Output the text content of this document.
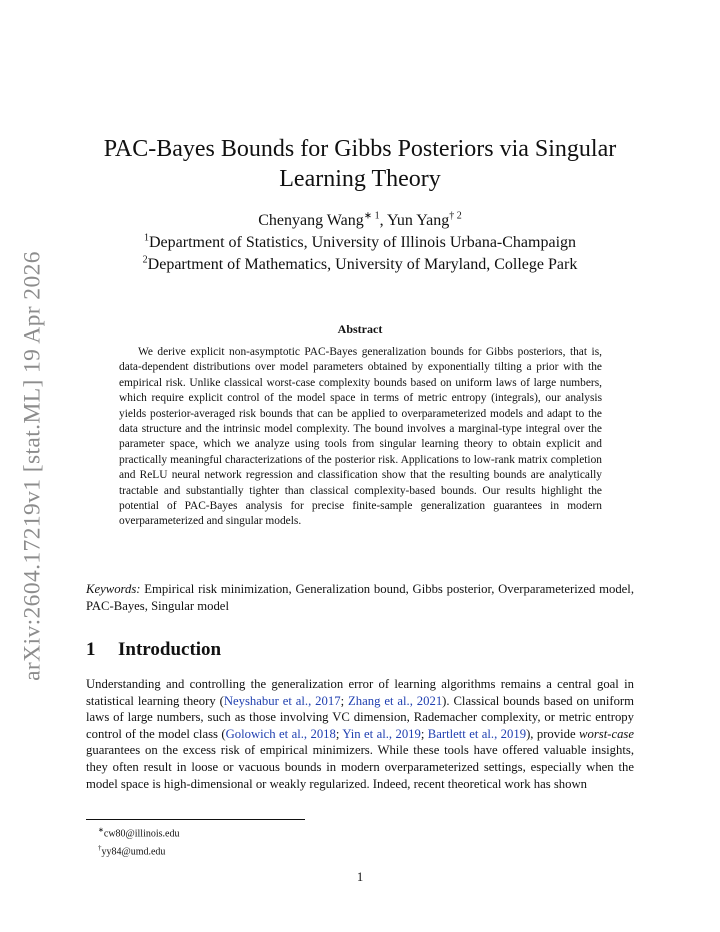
arXiv:2604.17219v1 [stat.ML] 19 Apr 2026
PAC-Bayes Bounds for Gibbs Posteriors via Singular
Learning Theory
Chenyang Wang$^{∗ 1}$, Yun Yang$^{\dagger 2}$
$^1$Department of Statistics, University of Illinois Urbana-Champaign
$^2$Department of Mathematics, University of Maryland, College Park
Abstract

We derive explicit non-asymptotic PAC-Bayes generalization bounds for Gibbs posteriors, that is, data-dependent distributions over model parameters obtained by exponentially tilting a prior with the empirical risk. Unlike classical worst-case complexity bounds based on uniform laws of large numbers, which require explicit control of the model space in terms of metric entropy (integrals), our analysis yields posterior-averaged risk bounds that can be applied to overparameterized models and adapt to the data structure and the intrinsic model complexity. The bound involves a marginal-type integral over the parameter space, which we analyze using tools from singular learning theory to obtain explicit and practically meaningful characterizations of the posterior risk. Applications to low-rank matrix completion and ReLU neural network regression and classification show that the resulting bounds are analytically tractable and substantially tighter than classical complexity-based bounds. Our results highlight the potential of PAC-Bayes analysis for precise finite-sample generalization guarantees in modern overparameterized and singular models.

Keywords: Empirical risk minimization, Generalization bound, Gibbs posterior, Overparameterized model, PAC-Bayes, Singular model

1 Introduction

Understanding and controlling the generalization error of learning algorithms remains a central goal in statistical learning theory (Neyshabur et al., 2017; Zhang et al., 2021). Classical bounds based on uniform laws of large numbers, such as those involving VC dimension, Rademacher complexity, or metric entropy control of the model class (Golowich et al., 2018; Yin et al., 2019; Bartlett et al., 2019), provide worst-case guarantees on the excess risk of empirical minimizers. While these tools have offered valuable insights, they often result in loose or vacuous bounds in modern overparameterized settings, especially when the model space is high-dimensional or weakly regularized. Indeed, recent theoretical work has shown

∗cw80@illinois.edu
†yy84@umd.edu
1
